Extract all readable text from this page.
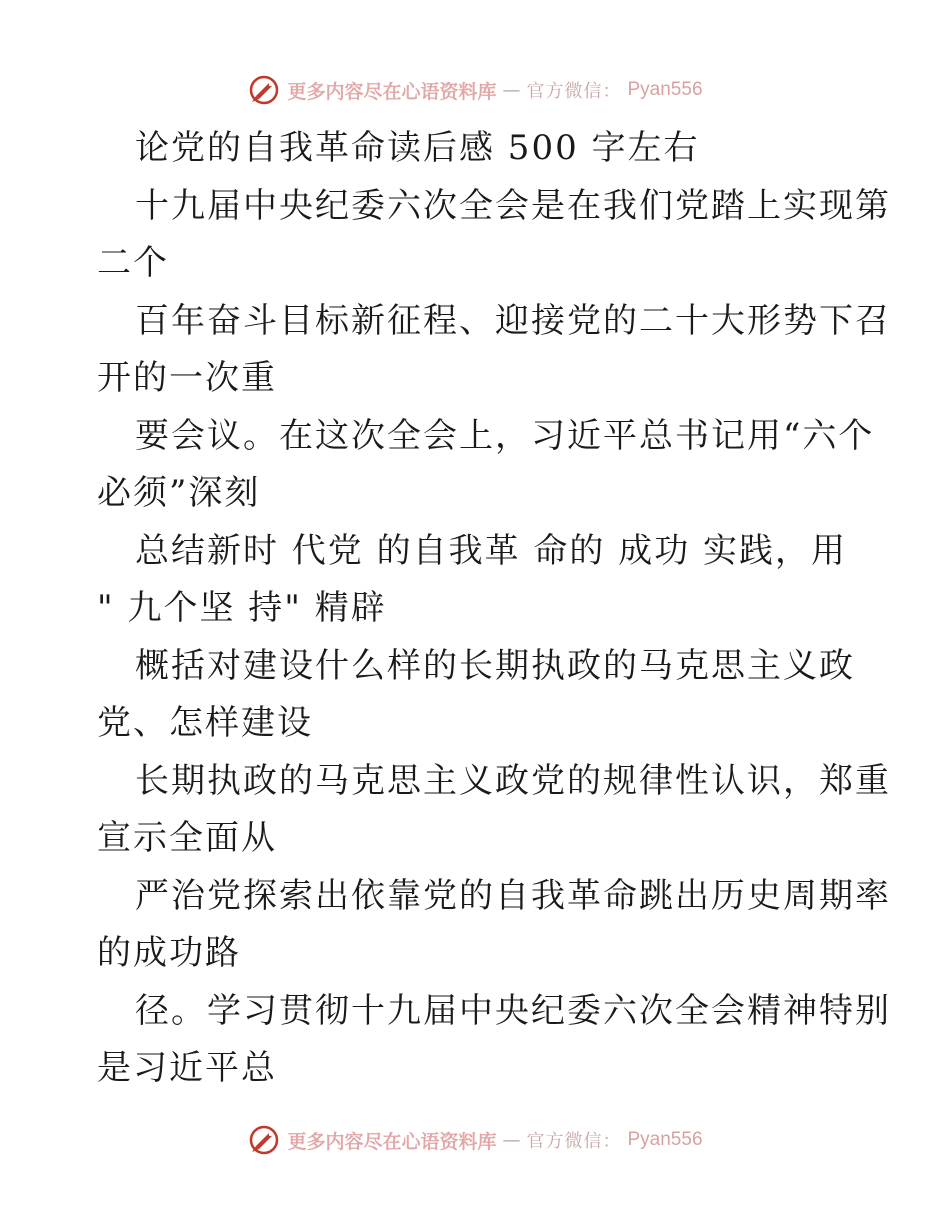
更多内容尽在心语资料库 — 官方微信： Pyan556
论党的自我革命读后感 500 字左右
十九届中央纪委六次全会是在我们党踏上实现第
二个
百年奋斗目标新征程、迎接党的二十大形势下召
开的一次重
要会议。在这次全会上，习近平总书记用“六个
必须”深刻
总结新时 代党 的自我革 命的 成功 实践，用
" 九个坚 持" 精辟
概括对建设什么样的长期执政的马克思主义政
党、怎样建设
长期执政的马克思主义政党的规律性认识，郑重
宣示全面从
严治党探索出依靠党的自我革命跳出历史周期率
的成功路
径。学习贯彻十九届中央纪委六次全会精神特别
是习近平总
更多内容尽在心语资料库 — 官方微信： Pyan556
